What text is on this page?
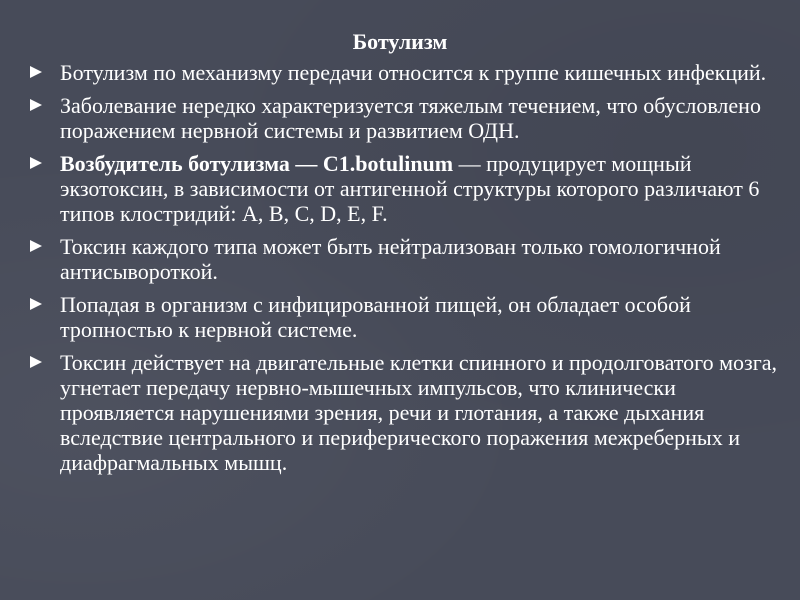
Ботулизм
Ботулизм по механизму передачи относится к группе кишечных инфекций.
Заболевание нередко характеризуется тяжелым течением, что обусловлено поражением нервной системы и развитием ОДН.
Возбудитель ботулизма — C1.botulinum — продуцирует мощный экзотоксин, в зависимости от антигенной структуры которого различают 6 типов клостридий: A, B, C, D, E, F.
Токсин каждого типа может быть нейтрализован только гомологичной антисывороткой.
Попадая в организм с инфицированной пищей, он обладает особой тропностью к нервной системе.
Токсин действует на двигательные клетки спинного и продолговатого мозга, угнетает передачу нервно-мышечных импульсов, что клинически проявляется нарушениями зрения, речи и глотания, а также дыхания вследствие центрального и периферического поражения межреберных и диафрагмальных мышц.
